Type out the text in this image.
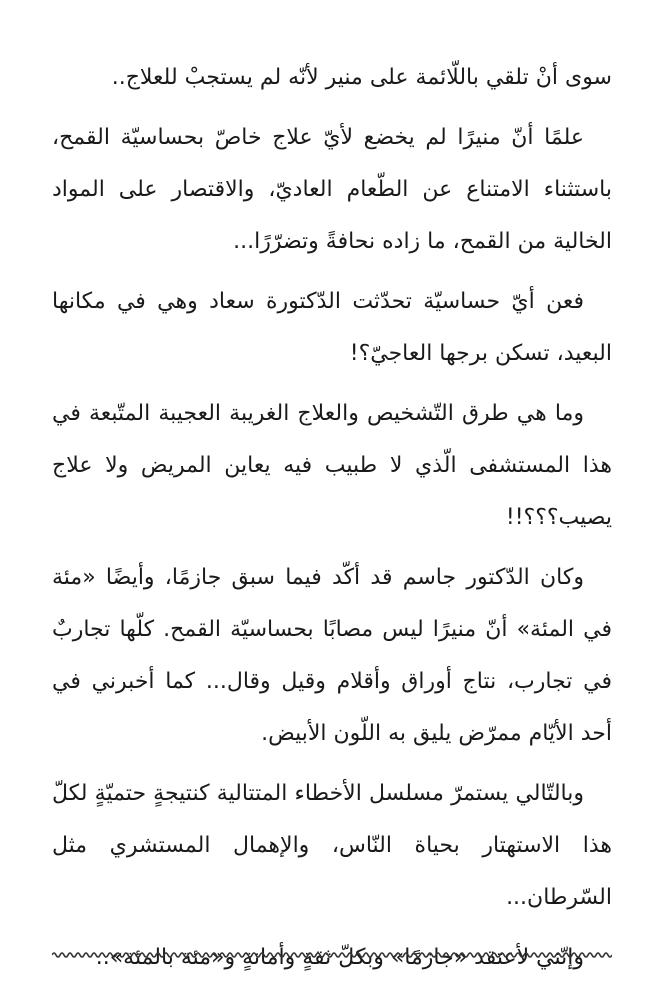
سوى أنْ تلقي باللّائمة على منير لأنّه لم يستجبْ للعلاج..

علمًا أنّ منيرًا لم يخضع لأيّ علاج خاصّ بحساسيّة القمح، باستثناء الامتناع عن الطّعام العاديّ، والاقتصار على المواد الخالية من القمح، ما زاده نحافةً وتضرّرًا...

فعن أيّ حساسيّة تحدّثت الدّكتورة سعاد وهي في مكانها البعيد، تسكن برجها العاجيّ؟!

وما هي طرق التّشخيص والعلاج الغريبة العجيبة المتّبعة في هذا المستشفى الّذي لا طبيب فيه يعاين المريض ولا علاج يصيب؟؟؟!!

وكان الدّكتور جاسم قد أكّد فيما سبق جازمًا، وأيضًا «مئة في المئة» أنّ منيرًا ليس مصابًا بحساسيّة القمح. كلّها تجاربٌ في تجارب، نتاج أوراق وأقلام وقيل وقال... كما أخبرني في أحد الأيّام ممرّض يليق به اللّون الأبيض.

وبالتّالي يستمرّ مسلسل الأخطاء المتتالية كنتيجةٍ حتميّةٍ لكلّ هذا الاستهتار بحياة النّاس، والإهمال المستشري مثل السّرطان...

وإنّني لأعتقد «جازمًا» وبكلّ ثقةٍ وأمانةٍ و«مئة بالمئة»..
